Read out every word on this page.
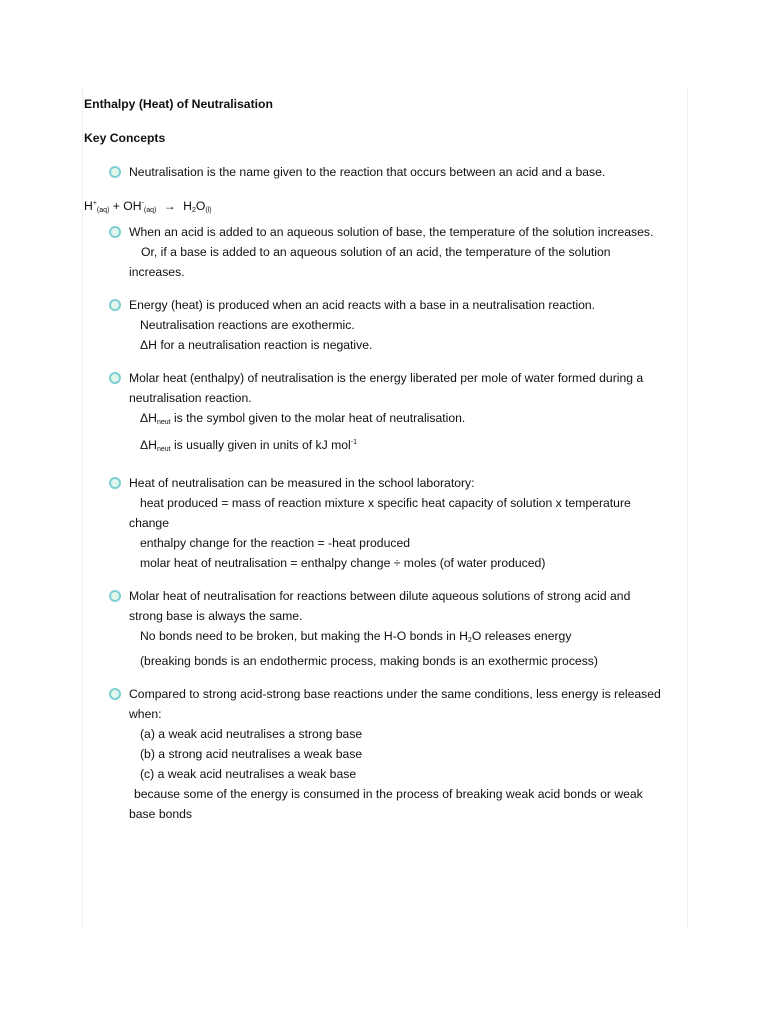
Enthalpy (Heat) of Neutralisation
Key Concepts
Neutralisation is the name given to the reaction that occurs between an acid and a base.
H+(aq) + OH-(aq) → H2O(l)
When an acid is added to an aqueous solution of base, the temperature of the solution increases.
Or, if a base is added to an aqueous solution of an acid, the temperature of the solution
increases.
Energy (heat) is produced when an acid reacts with a base in a neutralisation reaction.
Neutralisation reactions are exothermic.
ΔH for a neutralisation reaction is negative.
Molar heat (enthalpy) of neutralisation is the energy liberated per mole of water formed during a
neutralisation reaction.
ΔHneut is the symbol given to the molar heat of neutralisation.
ΔHneut is usually given in units of kJ mol$^{-1}$
Heat of neutralisation can be measured in the school laboratory:
heat produced = mass of reaction mixture x specific heat capacity of solution x temperature
change
enthalpy change for the reaction = -heat produced
molar heat of neutralisation = enthalpy change ÷ moles (of water produced)
Molar heat of neutralisation for reactions between dilute aqueous solutions of strong acid and
strong base is always the same.
No bonds need to be broken, but making the H-O bonds in H2O releases energy
(breaking bonds is an endothermic process, making bonds is an exothermic process)
Compared to strong acid-strong base reactions under the same conditions, less energy is released
when:
(a) a weak acid neutralises a strong base
(b) a strong acid neutralises a weak base
(c) a weak acid neutralises a weak base
because some of the energy is consumed in the process of breaking weak acid bonds or weak
base bonds
